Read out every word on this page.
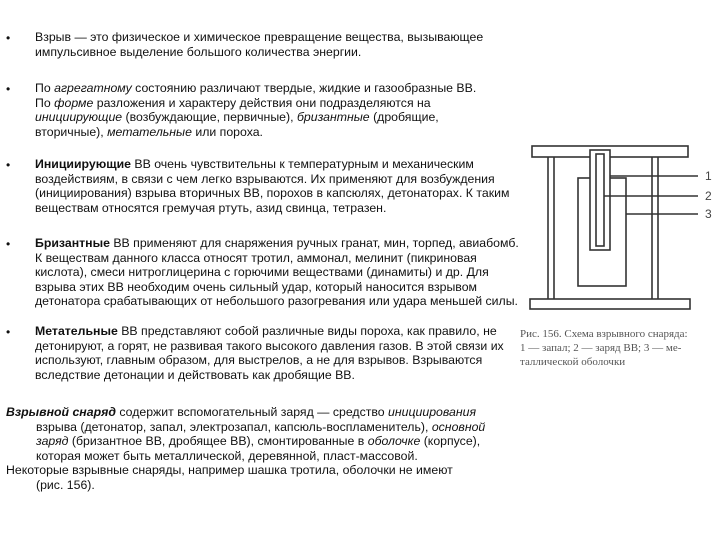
• Взрыв — это физическое и химическое превращение вещества, вызывающее импульсивное выделение большого количества энергии.
• По агрегатному состоянию различают твердые, жидкие и газообразные ВВ.
По форме разложения и характеру действия они подразделяются на
инициирующие (возбуждающие, первичные), бризантные (дробящие,
вторичные), метательные или пороха.
• Инициирующие ВВ очень чувствительны к температурным и механическим воздействиям, в связи с чем легко взрываются. Их применяют для возбуждения (инициирования) взрыва вторичных ВВ, порохов в капсюлях, детонаторах. К таким веществам относятся гремучая ртуть, азид свинца, тетразен.
• Бризантные ВВ применяют для снаряжения ручных гранат, мин, торпед, авиабомб. К веществам данного класса относят тротил, аммонал, мелинит (пикриновая кислота), смеси нитроглицерина с горючими веществами (динамиты) и др. Для взрыва этих ВВ необходим очень сильный удар, который наносится взрывом детонатора срабатывающих от небольшого разогревания или удара меньшей силы.
• Метательные ВВ представляют собой различные виды пороха, как правило, не детонируют, а горят, не развивая такого высокого давления газов. В этой связи их используют, главным образом, для выстрелов, а не для взрывов. Взрываются вследствие детонации и действовать как дробящие ВВ.
Взрывной снаряд содержит вспомогательный заряд — средство инициирования
взрыва (детонатор, запал, электрозапал, капсюль-воспламенитель), основной
заряд (бризантное ВВ, дробящее ВВ), смонтированные в оболочке (корпусе),
которая может быть металлической, деревянной, пласт-массовой.
Некоторые взрывные снаряды, например шашка тротила, оболочки не имеют
(рис. 156).
1
2
3
Рис. 156. Схема взрывного снаряда:
1 — запал; 2 — заряд ВВ; 3 — ме-
таллической оболочки
